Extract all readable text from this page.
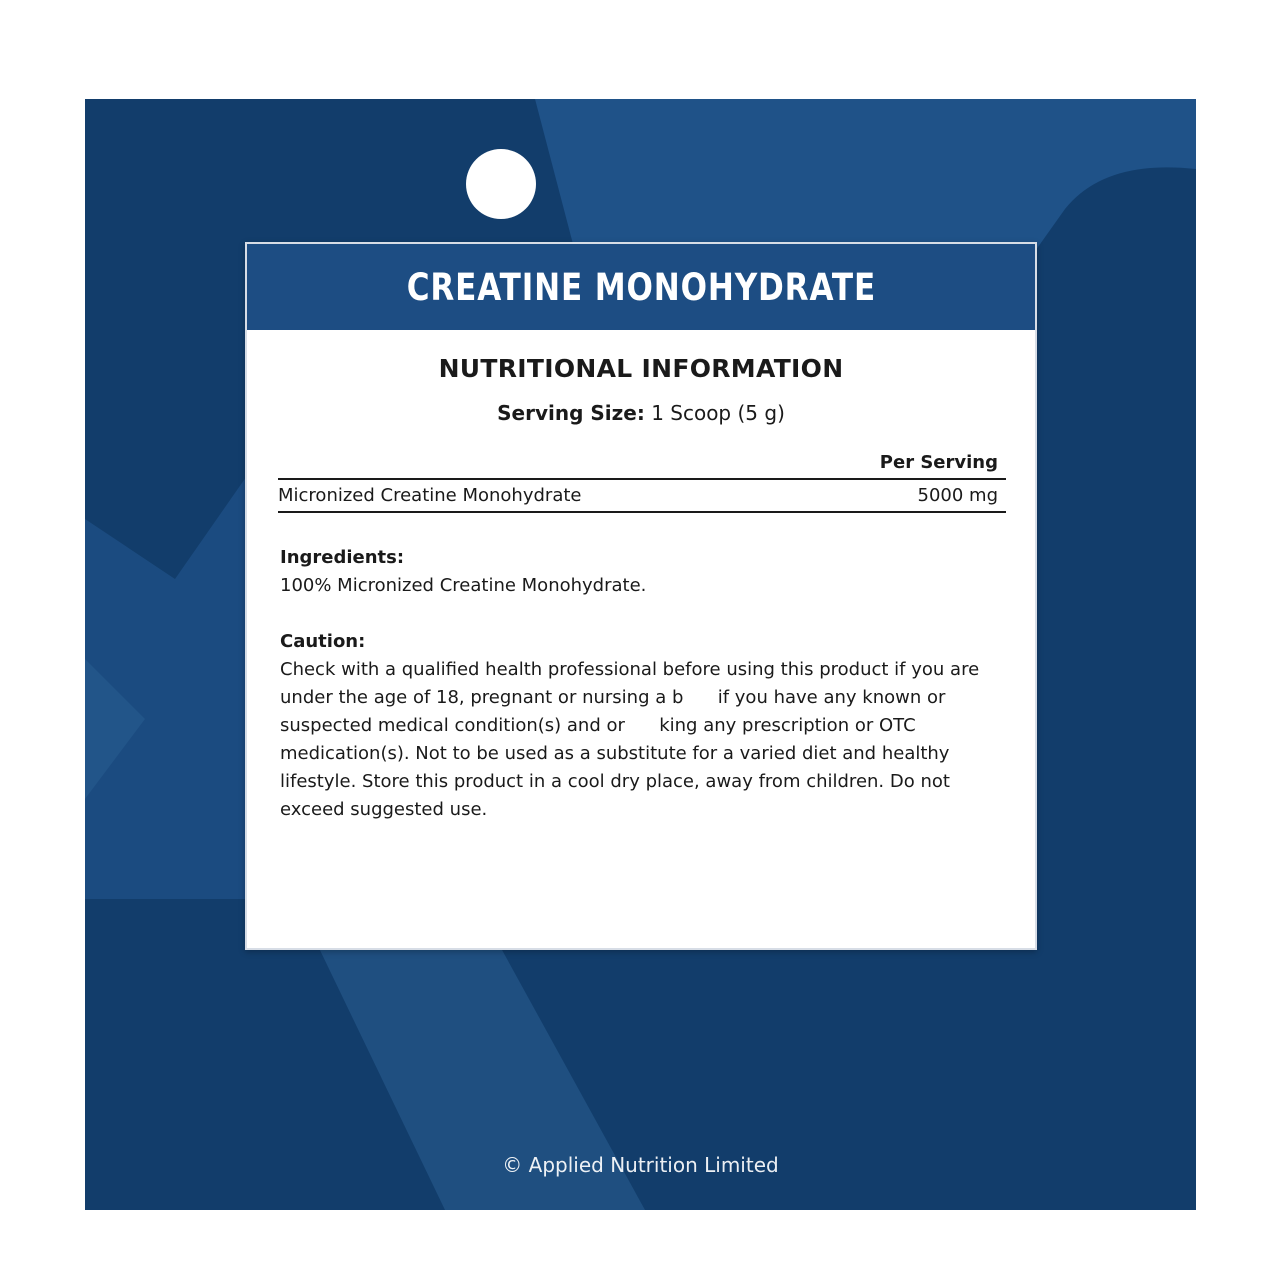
CREATINE MONOHYDRATE
NUTRITIONAL INFORMATION
Serving Size: 1 Scoop (5 g)
Per Serving
Micronized Creatine Monohydrate	5000 mg
Ingredients:
100% Micronized Creatine Monohydrate.
Caution:
Check with a qualified health professional before using this product if you are under the age of 18, pregnant or nursing a b      if you have any known or suspected medical condition(s) and or      king any prescription or OTC medication(s). Not to be used as a substitute for a varied diet and healthy lifestyle. Store this product in a cool dry place, away from children. Do not exceed suggested use.
© Applied Nutrition Limited
